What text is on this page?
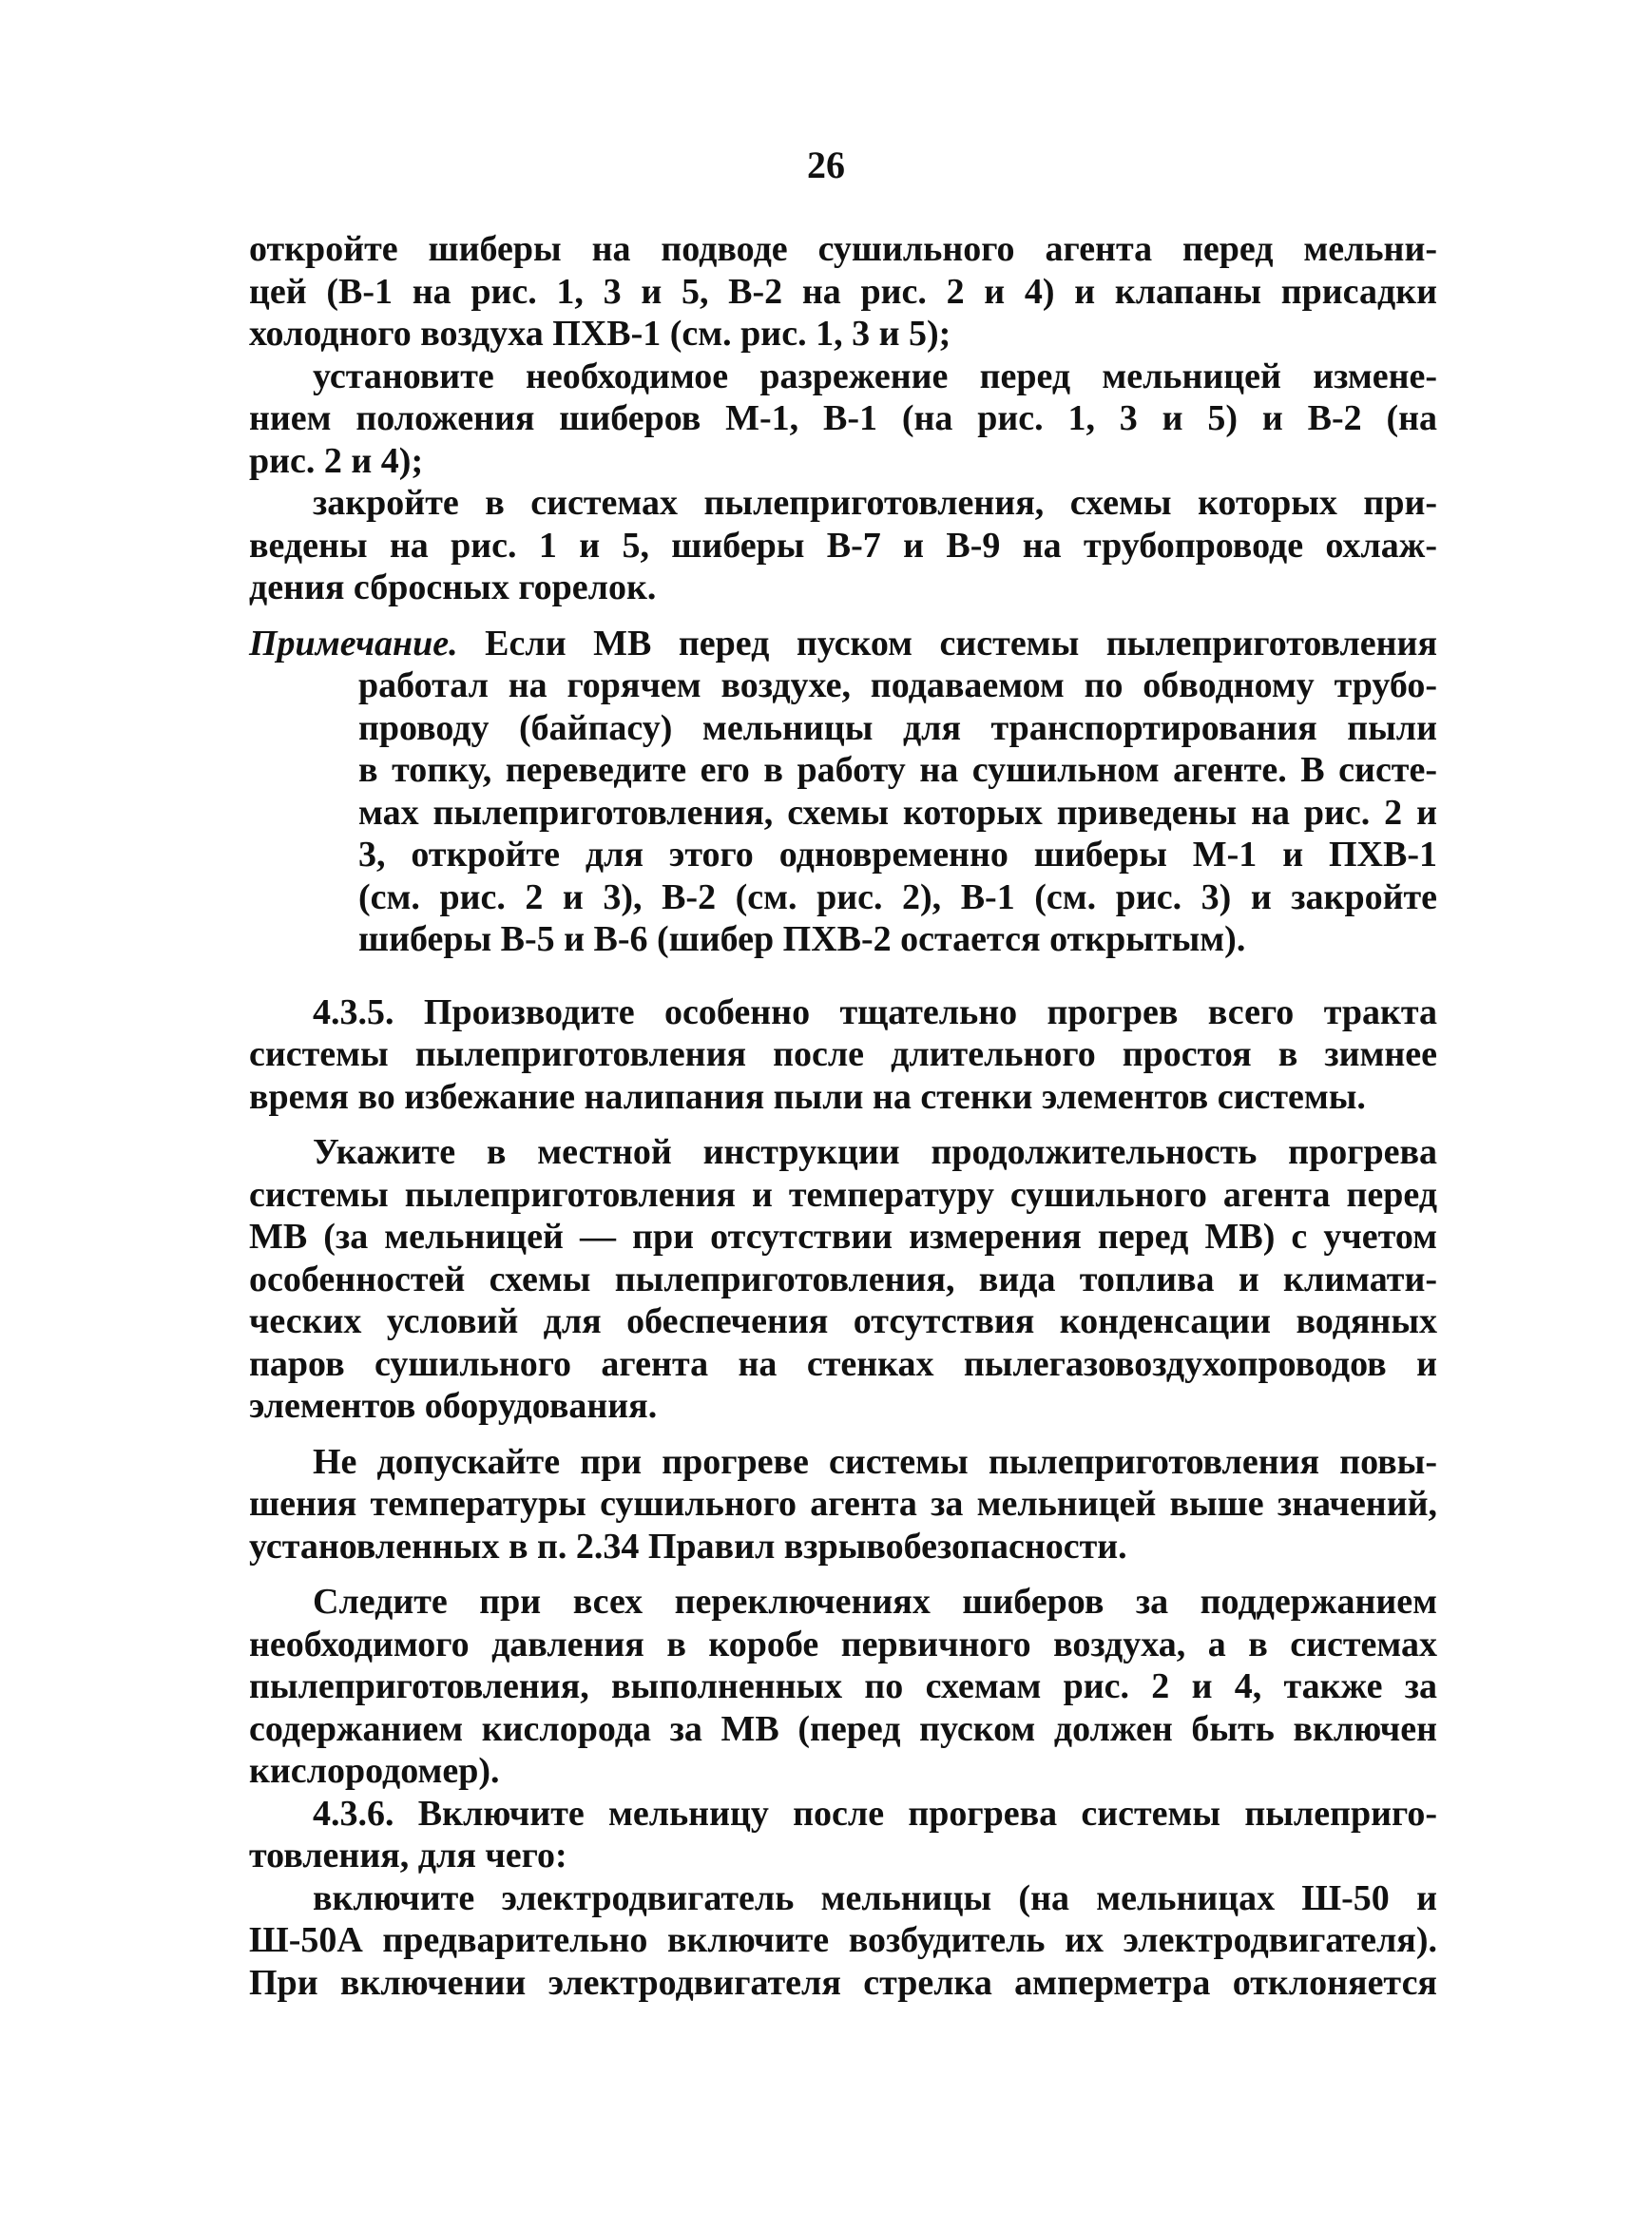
26
откройте шиберы на подводе сушильного агента перед мельни-
цей (В-1 на рис. 1, 3 и 5, В-2 на рис. 2 и 4) и клапаны присадки
холодного воздуха ПХВ-1 (см. рис. 1, 3 и 5);
установите необходимое разрежение перед мельницей измене-
нием положения шиберов М-1, В-1 (на рис. 1, 3 и 5) и В-2 (на
рис. 2 и 4);
закройте в системах пылеприготовления, схемы которых при-
ведены на рис. 1 и 5, шиберы В-7 и В-9 на трубопроводе охлаж-
дения сбросных горелок.
Примечание. Если МВ перед пуском системы пылеприготовления
работал на горячем воздухе, подаваемом по обводному трубо-
проводу (байпасу) мельницы для транспортирования пыли
в топку, переведите его в работу на сушильном агенте. В систе-
мах пылеприготовления, схемы которых приведены на рис. 2 и
3, откройте для этого одновременно шиберы М-1 и ПХВ-1
(см. рис. 2 и 3), В-2 (см. рис. 2), В-1 (см. рис. 3) и закройте
шиберы В-5 и В-6 (шибер ПХВ-2 остается открытым).
4.3.5. Производите особенно тщательно прогрев всего тракта
системы пылеприготовления после длительного простоя в зимнее
время во избежание налипания пыли на стенки элементов системы.
Укажите в местной инструкции продолжительность прогрева
системы пылеприготовления и температуру сушильного агента перед
МВ (за мельницей — при отсутствии измерения перед МВ) с учетом
особенностей схемы пылеприготовления, вида топлива и климати-
ческих условий для обеспечения отсутствия конденсации водяных
паров сушильного агента на стенках пылегазовоздухопроводов и
элементов оборудования.
Не допускайте при прогреве системы пылеприготовления повы-
шения температуры сушильного агента за мельницей выше значений,
установленных в п. 2.34 Правил взрывобезопасности.
Следите при всех переключениях шиберов за поддержанием
необходимого давления в коробе первичного воздуха, а в системах
пылеприготовления, выполненных по схемам рис. 2 и 4, также за
содержанием кислорода за МВ (перед пуском должен быть включен
кислородомер).
4.3.6. Включите мельницу после прогрева системы пылеприго-
товления, для чего:
включите электродвигатель мельницы (на мельницах Ш-50 и
Ш-50А предварительно включите возбудитель их электродвигателя).
При включении электродвигателя стрелка амперметра отклоняется
